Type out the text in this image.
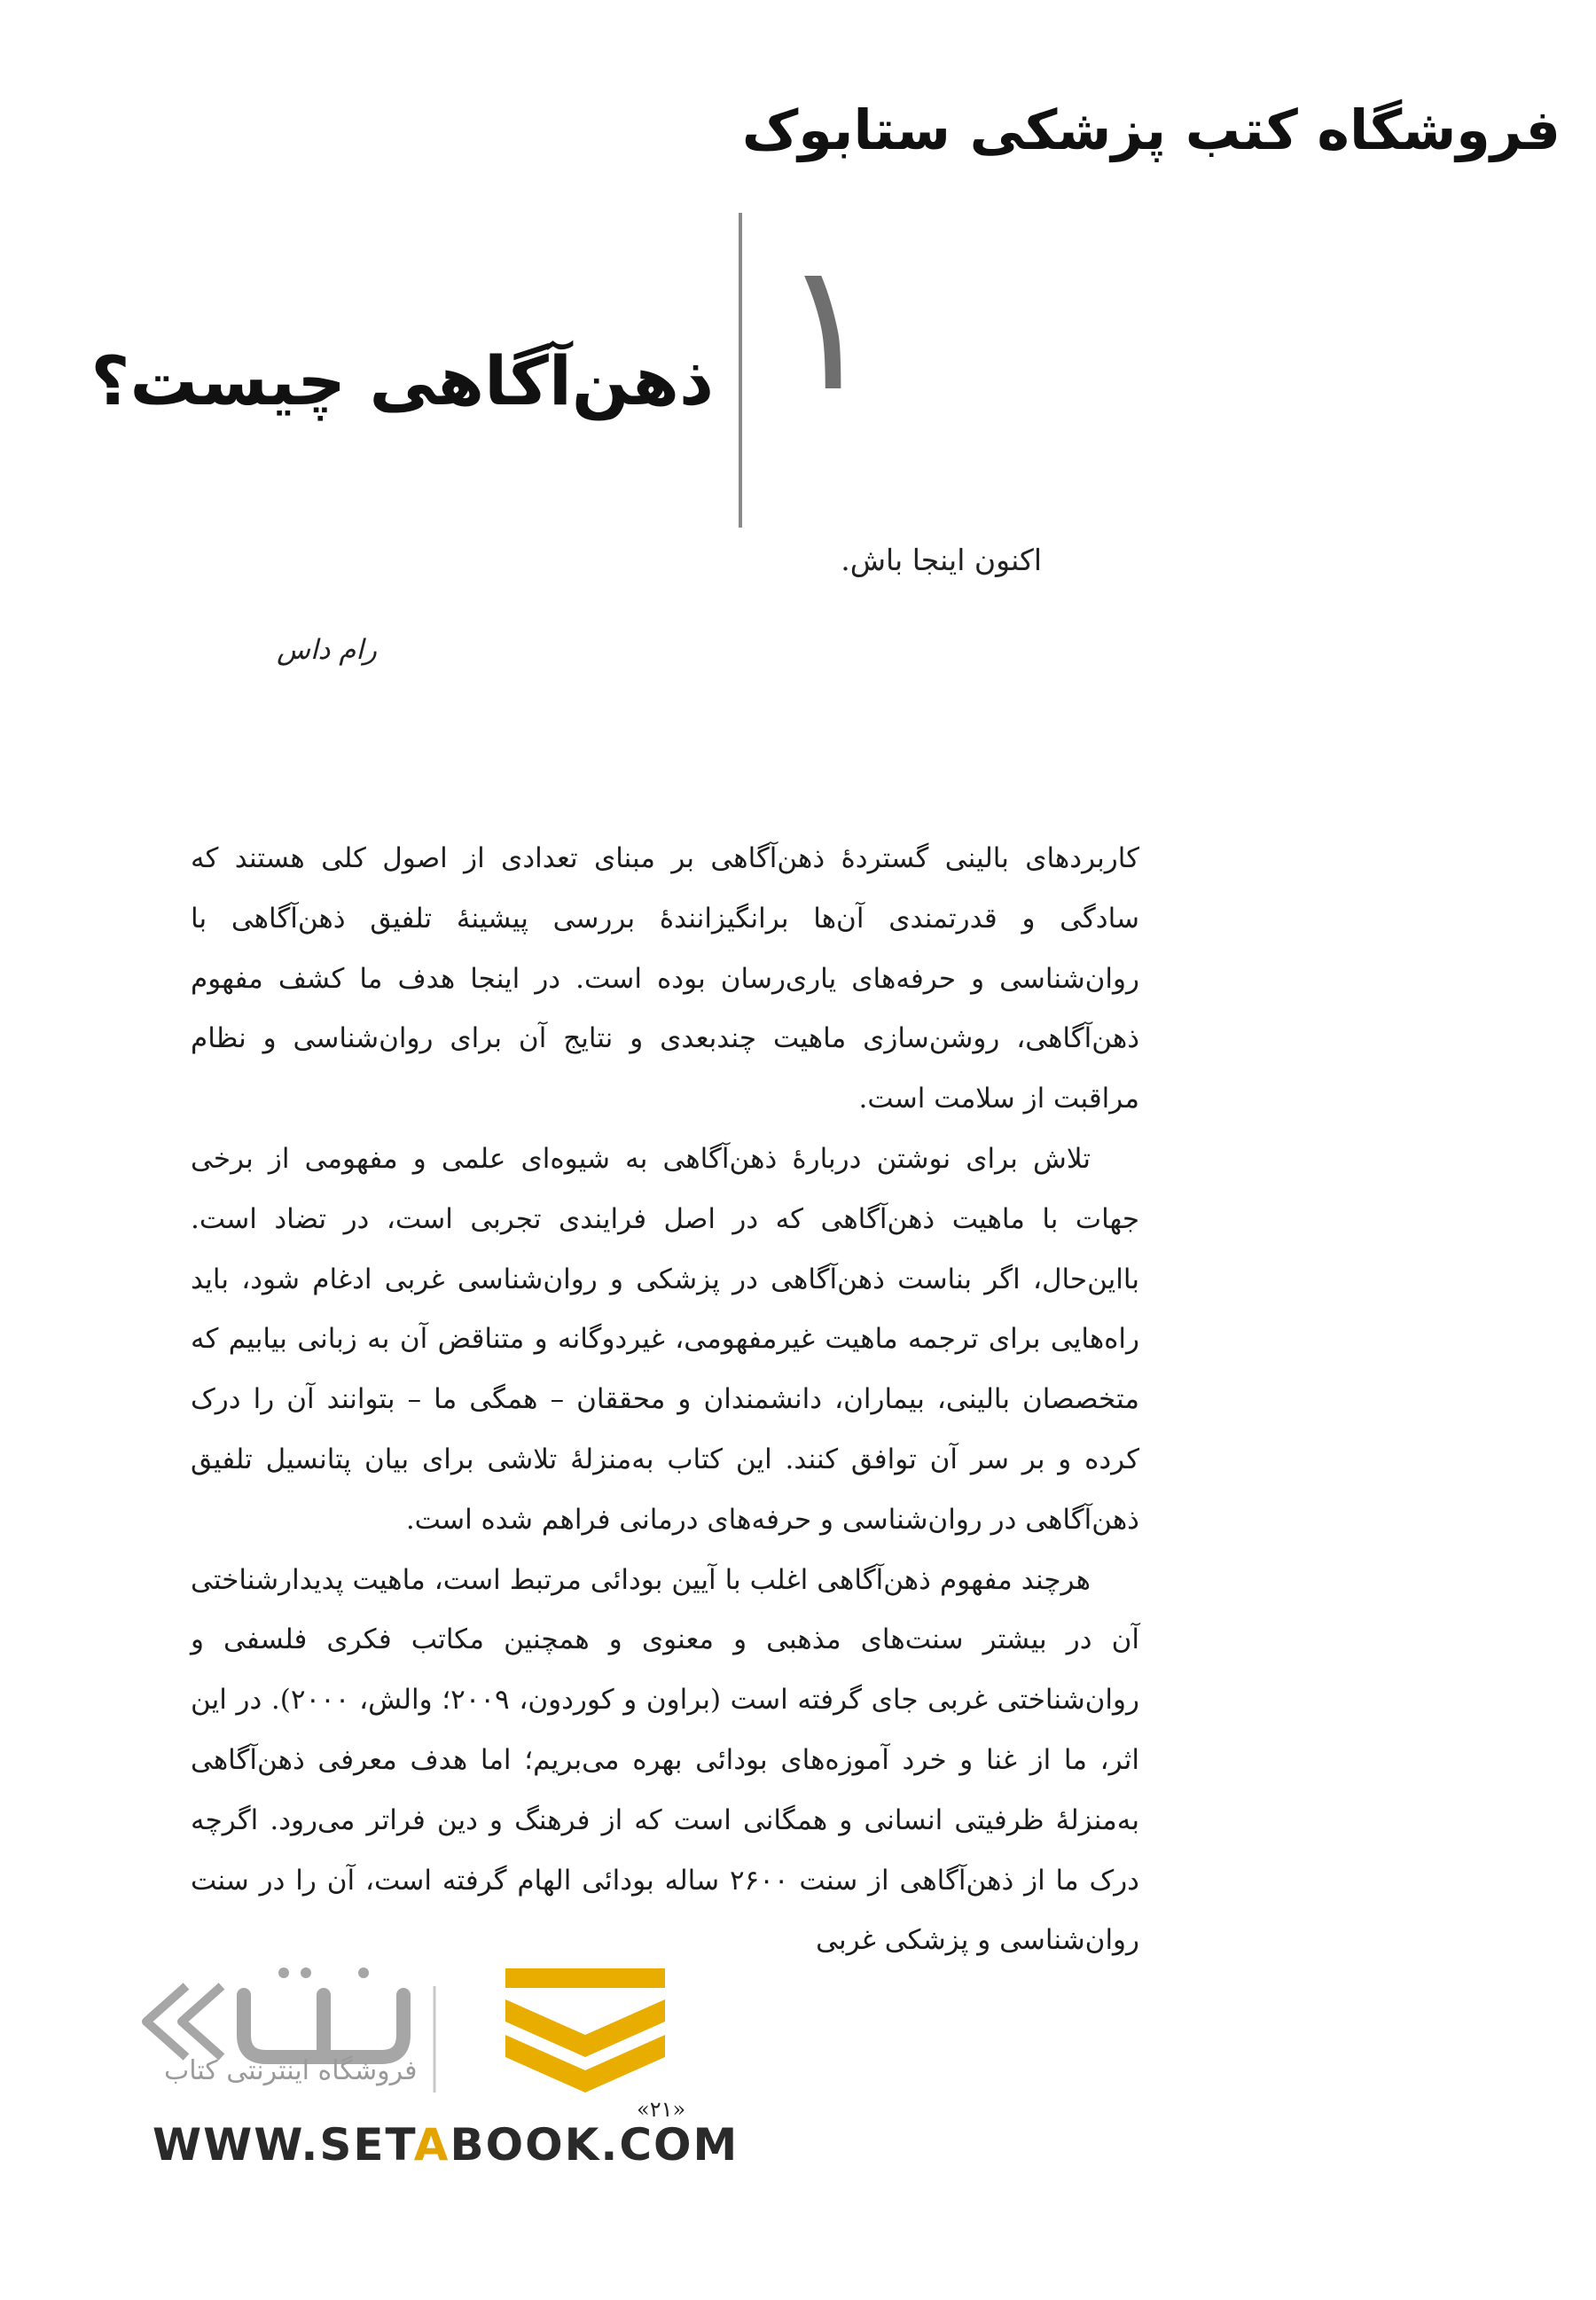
فروشگاه کتب پزشکی ستابوک
۱
ذهن‌آگاهی چیست؟
اکنون اینجا باش.
رام داس

کاربردهای بالینی گستردهٔ ذهن‌آگاهی بر مبنای تعدادی از اصول کلی هستند که سادگی و قدرتمندی آن‌ها برانگیزانندهٔ بررسی پیشینهٔ تلفیق ذهن‌آگاهی با روان‌شناسی و حرفه‌های یاری‌رسان بوده است. در اینجا هدف ما کشف مفهوم ذهن‌آگاهی، روشن‌سازی ماهیت چندبعدی و نتایج آن برای روان‌شناسی و نظام مراقبت از سلامت است.

تلاش برای نوشتن دربارهٔ ذهن‌آگاهی به شیوه‌ای علمی و مفهومی از برخی جهات با ماهیت ذهن‌آگاهی که در اصل فرایندی تجربی است، در تضاد است. بااین‌حال، اگر بناست ذهن‌آگاهی در پزشکی و روان‌شناسی غربی ادغام شود، باید راه‌هایی برای ترجمه ماهیت غیرمفهومی، غیردوگانه و متناقض آن به زبانی بیابیم که متخصصان بالینی، بیماران، دانشمندان و محققان – همگی ما – بتوانند آن را درک کرده و بر سر آن توافق کنند. این کتاب به‌منزلهٔ تلاشی برای بیان پتانسیل تلفیق ذهن‌آگاهی در روان‌شناسی و حرفه‌های درمانی فراهم شده است.

هرچند مفهوم ذهن‌آگاهی اغلب با آیین بودائی مرتبط است، ماهیت پدیدارشناختی آن در بیشتر سنت‌های مذهبی و معنوی و همچنین مکاتب فکری فلسفی و روان‌شناختی غربی جای گرفته است (براون و کوردون، ۲۰۰۹؛ والش، ۲۰۰۰). در این اثر، ما از غنا و خرد آموزه‌های بودائی بهره می‌بریم؛ اما هدف معرفی ذهن‌آگاهی به‌منزلهٔ ظرفیتی انسانی و همگانی است که از فرهنگ و دین فراتر می‌رود. اگرچه درک ما از ذهن‌آگاهی از سنت ۲۶۰۰ ساله بودائی الهام گرفته است، آن را در سنت روان‌شناسی و پزشکی غربی

فروشگاه اینترنتی کتاب
«۲۱»
WWW.SETABOOK.COM
